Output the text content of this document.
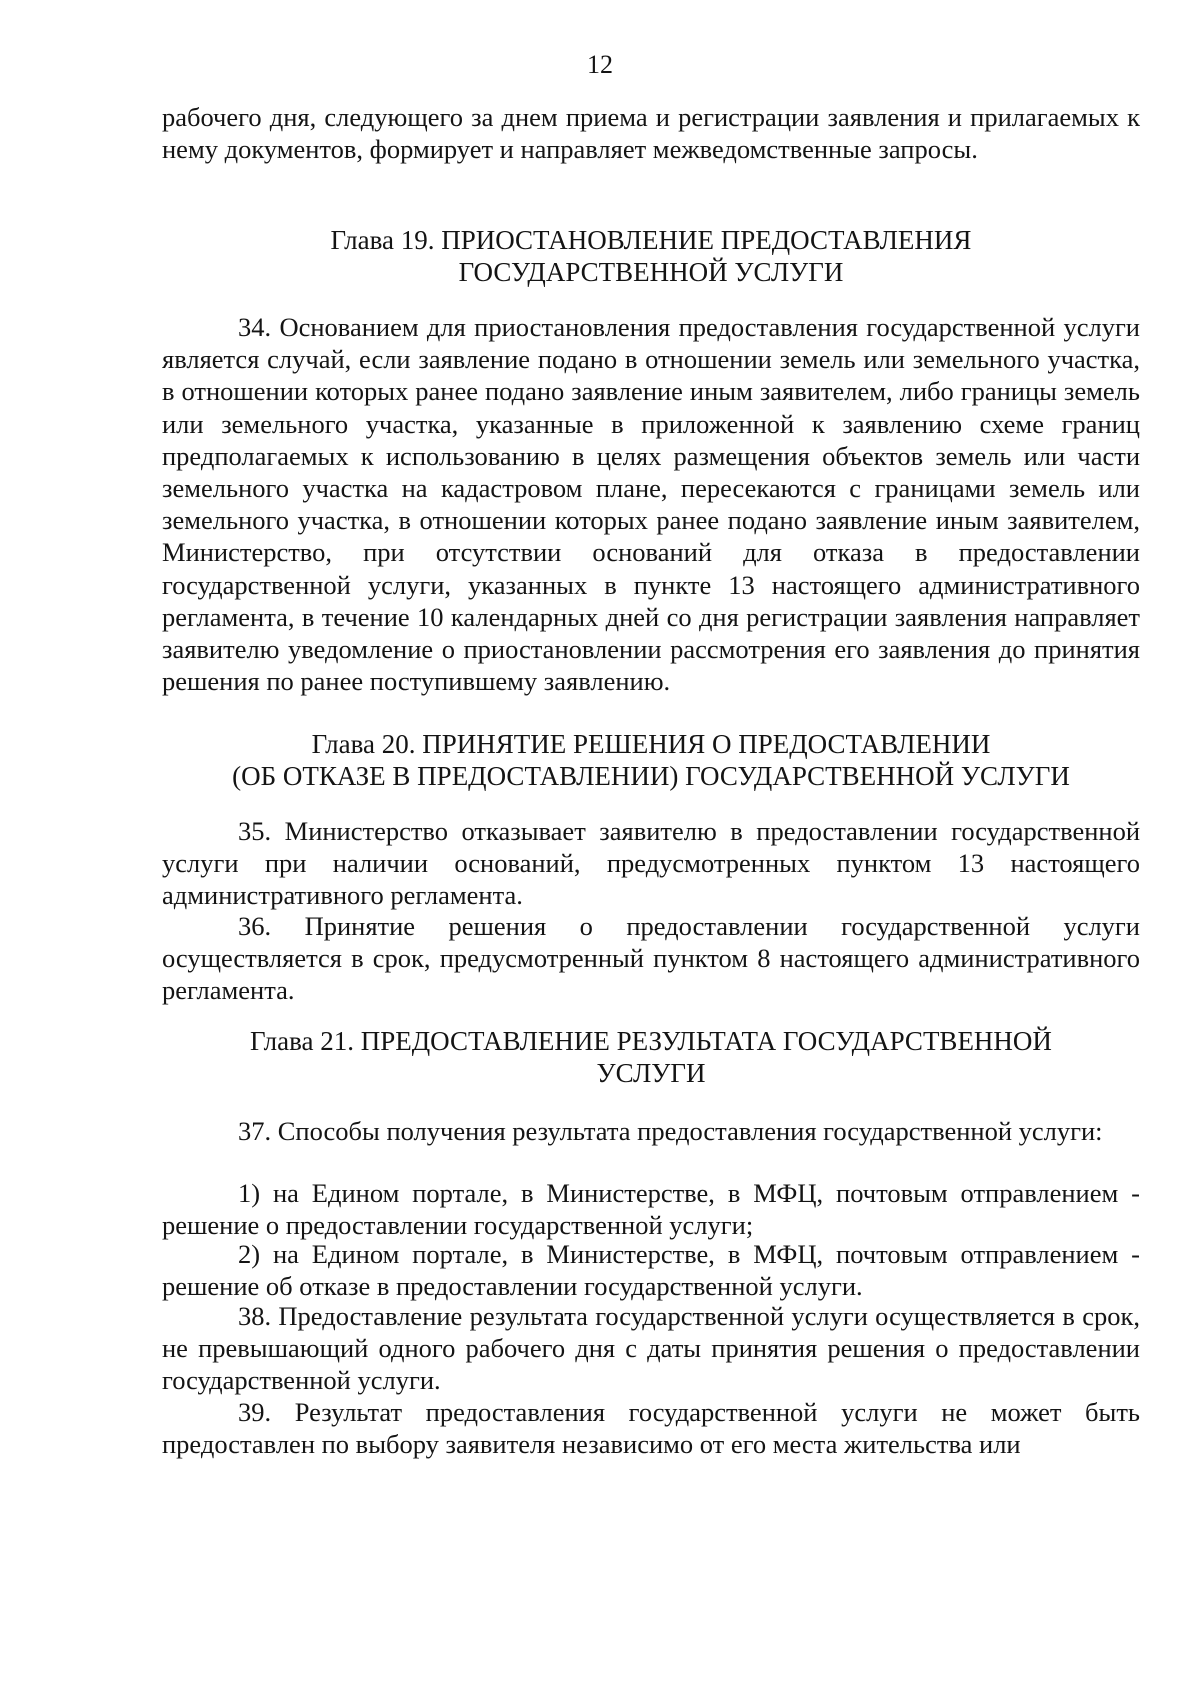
12

рабочего дня, следующего за днем приема и регистрации заявления и прилагаемых к нему документов, формирует и направляет межведомственные запросы.

Глава 19. ПРИОСТАНОВЛЕНИЕ ПРЕДОСТАВЛЕНИЯ
ГОСУДАРСТВЕННОЙ УСЛУГИ

34. Основанием для приостановления предоставления государственной услуги является случай, если заявление подано в отношении земель или земельного участка, в отношении которых ранее подано заявление иным заявителем, либо границы земель или земельного участка, указанные в приложенной к заявлению схеме границ предполагаемых к использованию в целях размещения объектов земель или части земельного участка на кадастровом плане, пересекаются с границами земель или земельного участка, в отношении которых ранее подано заявление иным заявителем, Министерство, при отсутствии оснований для отказа в предоставлении государственной услуги, указанных в пункте 13 настоящего административного регламента, в течение 10 календарных дней со дня регистрации заявления направляет заявителю уведомление о приостановлении рассмотрения его заявления до принятия решения по ранее поступившему заявлению.

Глава 20. ПРИНЯТИЕ РЕШЕНИЯ О ПРЕДОСТАВЛЕНИИ
(ОБ ОТКАЗЕ В ПРЕДОСТАВЛЕНИИ) ГОСУДАРСТВЕННОЙ УСЛУГИ

35. Министерство отказывает заявителю в предоставлении государственной услуги при наличии оснований, предусмотренных пунктом 13 настоящего административного регламента.

36. Принятие решения о предоставлении государственной услуги осуществляется в срок, предусмотренный пунктом 8 настоящего административного регламента.

Глава 21. ПРЕДОСТАВЛЕНИЕ РЕЗУЛЬТАТА ГОСУДАРСТВЕННОЙ
УСЛУГИ

37. Способы получения результата предоставления государственной услуги:

1) на Едином портале, в Министерстве, в МФЦ, почтовым отправлением - решение о предоставлении государственной услуги;

2) на Едином портале, в Министерстве, в МФЦ, почтовым отправлением - решение об отказе в предоставлении государственной услуги.

38. Предоставление результата государственной услуги осуществляется в срок, не превышающий одного рабочего дня с даты принятия решения о предоставлении государственной услуги.

39. Результат предоставления государственной услуги не может быть предоставлен по выбору заявителя независимо от его места жительства или
